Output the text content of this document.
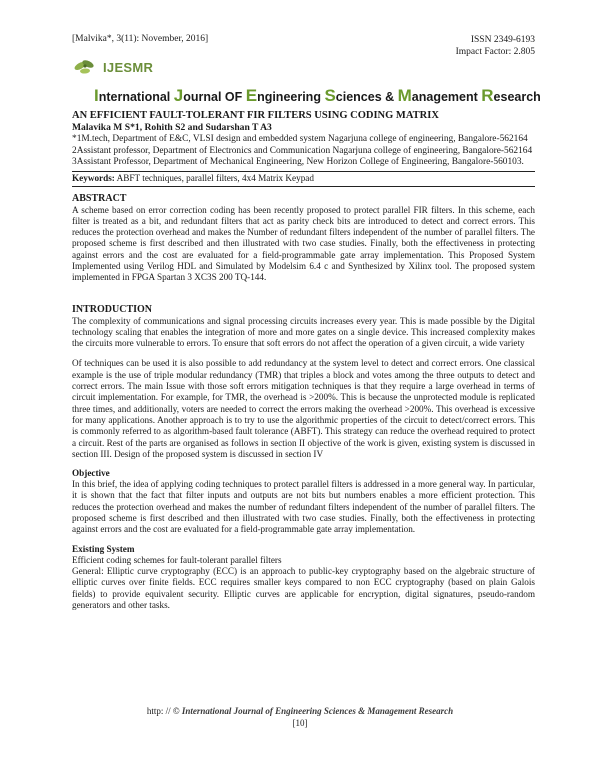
[Malvika*, 3(11): November, 2016]	ISSN 2349-6193
Impact Factor: 2.805
IJESMR
International Journal OF Engineering Sciences & Management Research
AN EFFICIENT FAULT-TOLERANT FIR FILTERS USING CODING MATRIX
Malavika M S*1, Rohith S2 and Sudarshan T A3
*1M.tech, Department of E&C, VLSI design and embedded system Nagarjuna college of engineering, Bangalore-562164
2Assistant professor, Department of Electronics and Communication Nagarjuna college of engineering, Bangalore-562164
3Assistant Professor, Department of Mechanical Engineering, New Horizon College of Engineering, Bangalore-560103.
Keywords: ABFT techniques, parallel filters, 4x4 Matrix Keypad
ABSTRACT

A scheme based on error correction coding has been recently proposed to protect parallel FIR filters. In this scheme, each filter is treated as a bit, and redundant filters that act as parity check bits are introduced to detect and correct errors. This reduces the protection overhead and makes the Number of redundant filters independent of the number of parallel filters. The proposed scheme is first described and then illustrated with two case studies. Finally, both the effectiveness in protecting against errors and the cost are evaluated for a field-programmable gate array implementation. This Proposed System Implemented using Verilog HDL and Simulated by Modelsim 6.4 c and Synthesized by Xilinx tool. The proposed system implemented in FPGA Spartan 3 XC3S 200 TQ-144.

INTRODUCTION

The complexity of communications and signal processing circuits increases every year. This is made possible by the Digital technology scaling that enables the integration of more and more gates on a single device. This increased complexity makes the circuits more vulnerable to errors. To ensure that soft errors do not affect the operation of a given circuit, a wide variety

Of techniques can be used it is also possible to add redundancy at the system level to detect and correct errors. One classical example is the use of triple modular redundancy (TMR) that triples a block and votes among the three outputs to detect and correct errors. The main Issue with those soft errors mitigation techniques is that they require a large overhead in terms of circuit implementation. For example, for TMR, the overhead is >200%. This is because the unprotected module is replicated three times, and additionally, voters are needed to correct the errors making the overhead >200%. This overhead is excessive for many applications. Another approach is to try to use the algorithmic properties of the circuit to detect/correct errors. This is commonly referred to as algorithm-based fault tolerance (ABFT). This strategy can reduce the overhead required to protect a circuit. Rest of the parts are organised as follows in section II objective of the work is given, existing system is discussed in section III. Design of the proposed system is discussed in section IV

Objective

In this brief, the idea of applying coding techniques to protect parallel filters is addressed in a more general way. In particular, it is shown that the fact that filter inputs and outputs are not bits but numbers enables a more efficient protection. This reduces the protection overhead and makes the number of redundant filters independent of the number of parallel filters. The proposed scheme is first described and then illustrated with two case studies. Finally, both the effectiveness in protecting against errors and the cost are evaluated for a field-programmable gate array implementation.

Existing System

Efficient coding schemes for fault-tolerant parallel filters

General: Elliptic curve cryptography (ECC) is an approach to public-key cryptography based on the algebraic structure of elliptic curves over finite fields. ECC requires smaller keys compared to non ECC cryptography (based on plain Galois fields) to provide equivalent security. Elliptic curves are applicable for encryption, digital signatures, pseudo-random generators and other tasks.

http: // © International Journal of Engineering Sciences & Management Research
[10]
